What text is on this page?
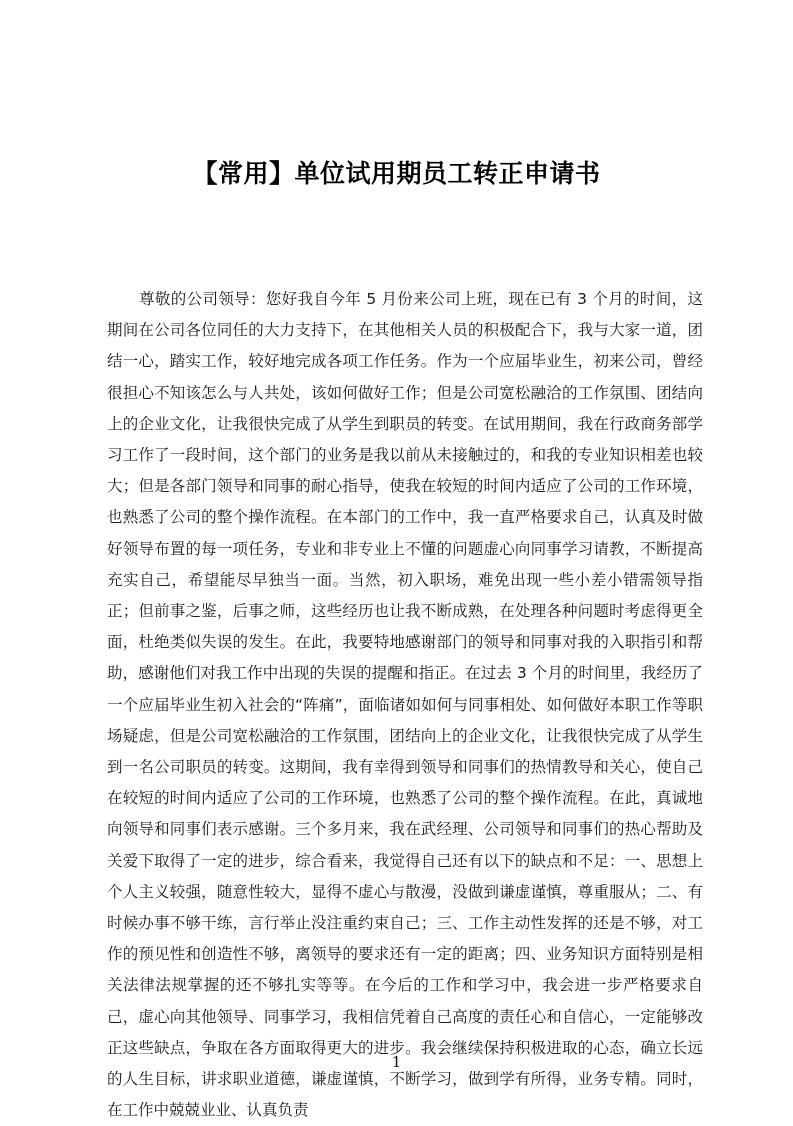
【常用】单位试用期员工转正申请书

尊敬的公司领导：您好我自今年 5 月份来公司上班，现在已有 3 个月的时间，这期间在公司各位同任的大力支持下，在其他相关人员的积极配合下，我与大家一道，团结一心，踏实工作，较好地完成各项工作任务。作为一个应届毕业生，初来公司，曾经很担心不知该怎么与人共处，该如何做好工作；但是公司宽松融洽的工作氛围、团结向上的企业文化，让我很快完成了从学生到职员的转变。在试用期间，我在行政商务部学习工作了一段时间，这个部门的业务是我以前从未接触过的，和我的专业知识相差也较大；但是各部门领导和同事的耐心指导，使我在较短的时间内适应了公司的工作环境，也熟悉了公司的整个操作流程。在本部门的工作中，我一直严格要求自己，认真及时做好领导布置的每一项任务，专业和非专业上不懂的问题虚心向同事学习请教，不断提高充实自己，希望能尽早独当一面。当然，初入职场，难免出现一些小差小错需领导指正；但前事之鉴，后事之师，这些经历也让我不断成熟，在处理各种问题时考虑得更全面，杜绝类似失误的发生。在此，我要特地感谢部门的领导和同事对我的入职指引和帮助，感谢他们对我工作中出现的失误的提醒和指正。在过去 3 个月的时间里，我经历了一个应届毕业生初入社会的“阵痛”，面临诸如如何与同事相处、如何做好本职工作等职场疑虑，但是公司宽松融洽的工作氛围，团结向上的企业文化，让我很快完成了从学生到一名公司职员的转变。这期间，我有幸得到领导和同事们的热情教导和关心，使自己在较短的时间内适应了公司的工作环境，也熟悉了公司的整个操作流程。在此，真诚地向领导和同事们表示感谢。三个多月来，我在武经理、公司领导和同事们的热心帮助及关爱下取得了一定的进步，综合看来，我觉得自己还有以下的缺点和不足：一、思想上个人主义较强，随意性较大，显得不虚心与散漫，没做到谦虚谨慎，尊重服从；二、有时候办事不够干练，言行举止没注重约束自己；三、工作主动性发挥的还是不够，对工作的预见性和创造性不够，离领导的要求还有一定的距离；四、业务知识方面特别是相关法律法规掌握的还不够扎实等等。在今后的工作和学习中，我会进一步严格要求自己，虚心向其他领导、同事学习，我相信凭着自己高度的责任心和自信心，一定能够改正这些缺点，争取在各方面取得更大的进步。我会继续保持积极进取的心态，确立长远的人生目标，讲求职业道德，谦虚谨慎，不断学习，做到学有所得，业务专精。同时，在工作中兢兢业业、认真负责

1
